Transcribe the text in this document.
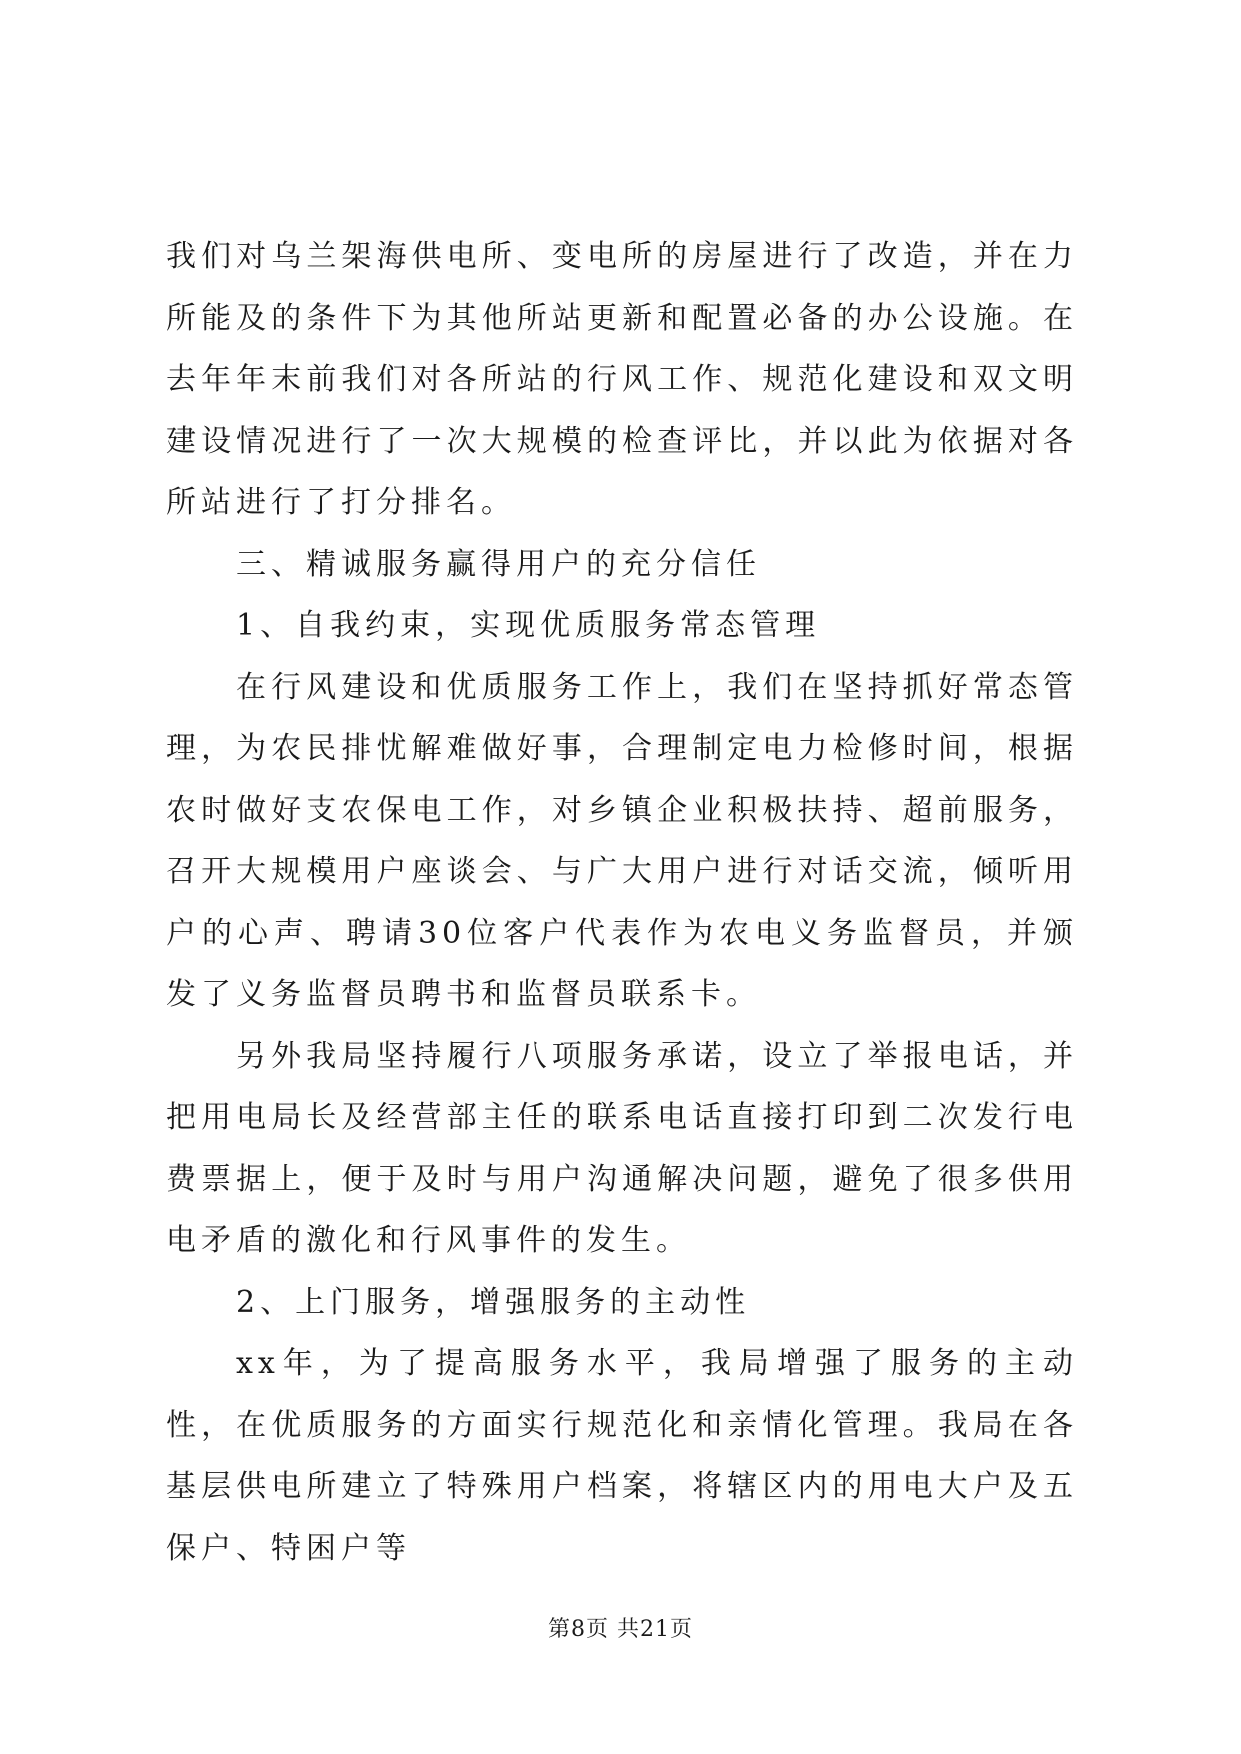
我们对乌兰架海供电所、变电所的房屋进行了改造，并在力所能及的条件下为其他所站更新和配置必备的办公设施。在去年年末前我们对各所站的行风工作、规范化建设和双文明建设情况进行了一次大规模的检查评比，并以此为依据对各所站进行了打分排名。

三、精诚服务赢得用户的充分信任

1、自我约束，实现优质服务常态管理

在行风建设和优质服务工作上，我们在坚持抓好常态管理，为农民排忧解难做好事，合理制定电力检修时间，根据农时做好支农保电工作，对乡镇企业积极扶持、超前服务，召开大规模用户座谈会、与广大用户进行对话交流，倾听用户的心声、聘请30位客户代表作为农电义务监督员，并颁发了义务监督员聘书和监督员联系卡。

另外我局坚持履行八项服务承诺，设立了举报电话，并把用电局长及经营部主任的联系电话直接打印到二次发行电费票据上，便于及时与用户沟通解决问题，避免了很多供用电矛盾的激化和行风事件的发生。

2、上门服务，增强服务的主动性

xx年，为了提高服务水平，我局增强了服务的主动性，在优质服务的方面实行规范化和亲情化管理。我局在各基层供电所建立了特殊用户档案，将辖区内的用电大户及五保户、特困户等

第8页 共21页
